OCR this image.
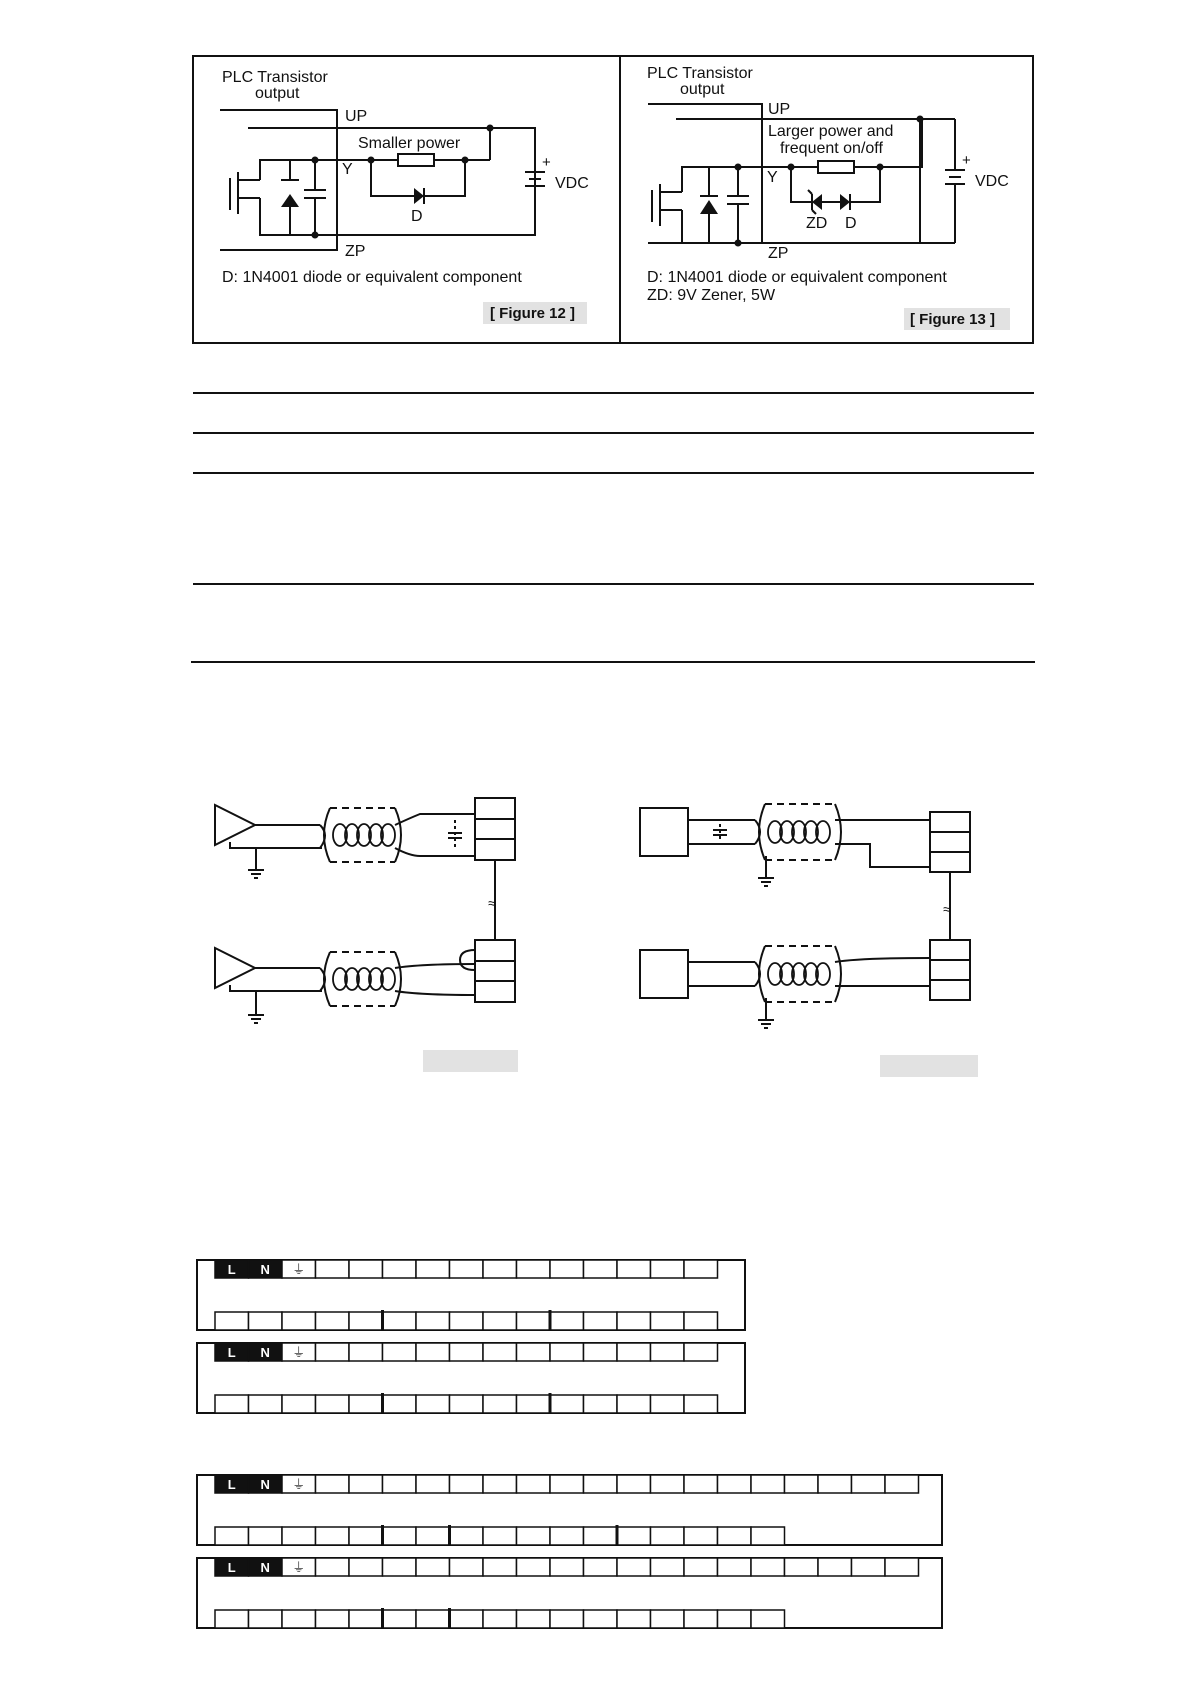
PLC Transistor
output
UP
Y
ZP
Smaller power
D
+
VDC
D: 1N4001 diode or equivalent component
[ Figure 12 ]
PLC Transistor
output
UP
Y
ZP
Larger power and
frequent on/off
ZD D
+
VDC
D: 1N4001 diode or equivalent component
ZD: 9V Zener, 5W
[ Figure 13 ]
≈	≈
L N ⏚
L N ⏚
L N ⏚
L N ⏚
